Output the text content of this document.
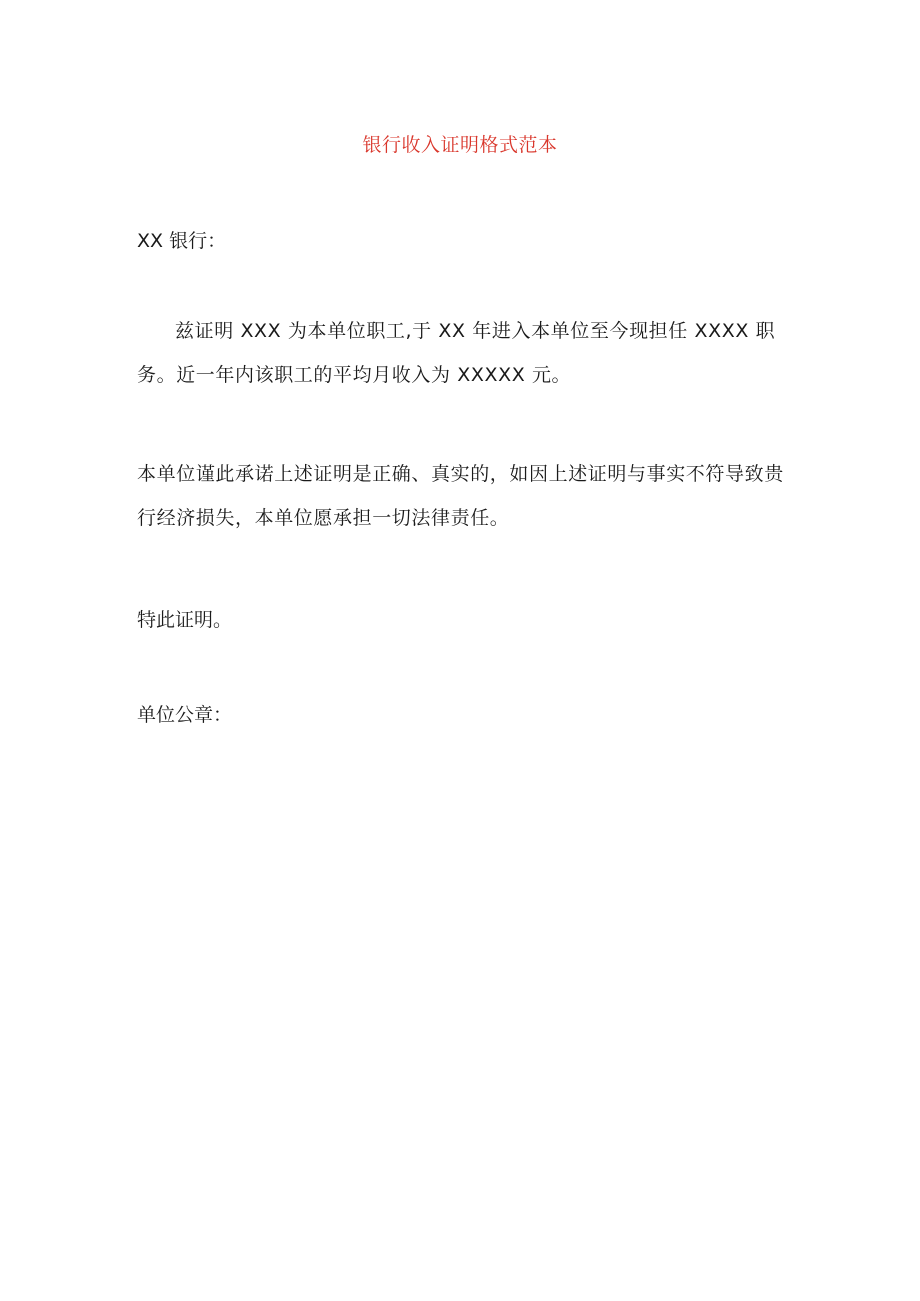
银行收入证明格式范本
XX 银行：

兹证明 XXX 为本单位职工,于 XX 年进入本单位至今现担任 XXXX 职务。近一年内该职工的平均月收入为 XXXXX 元。

本单位谨此承诺上述证明是正确、真实的，如因上述证明与事实不符导致贵行经济损失，本单位愿承担一切法律责任。

特此证明。
单位公章：
